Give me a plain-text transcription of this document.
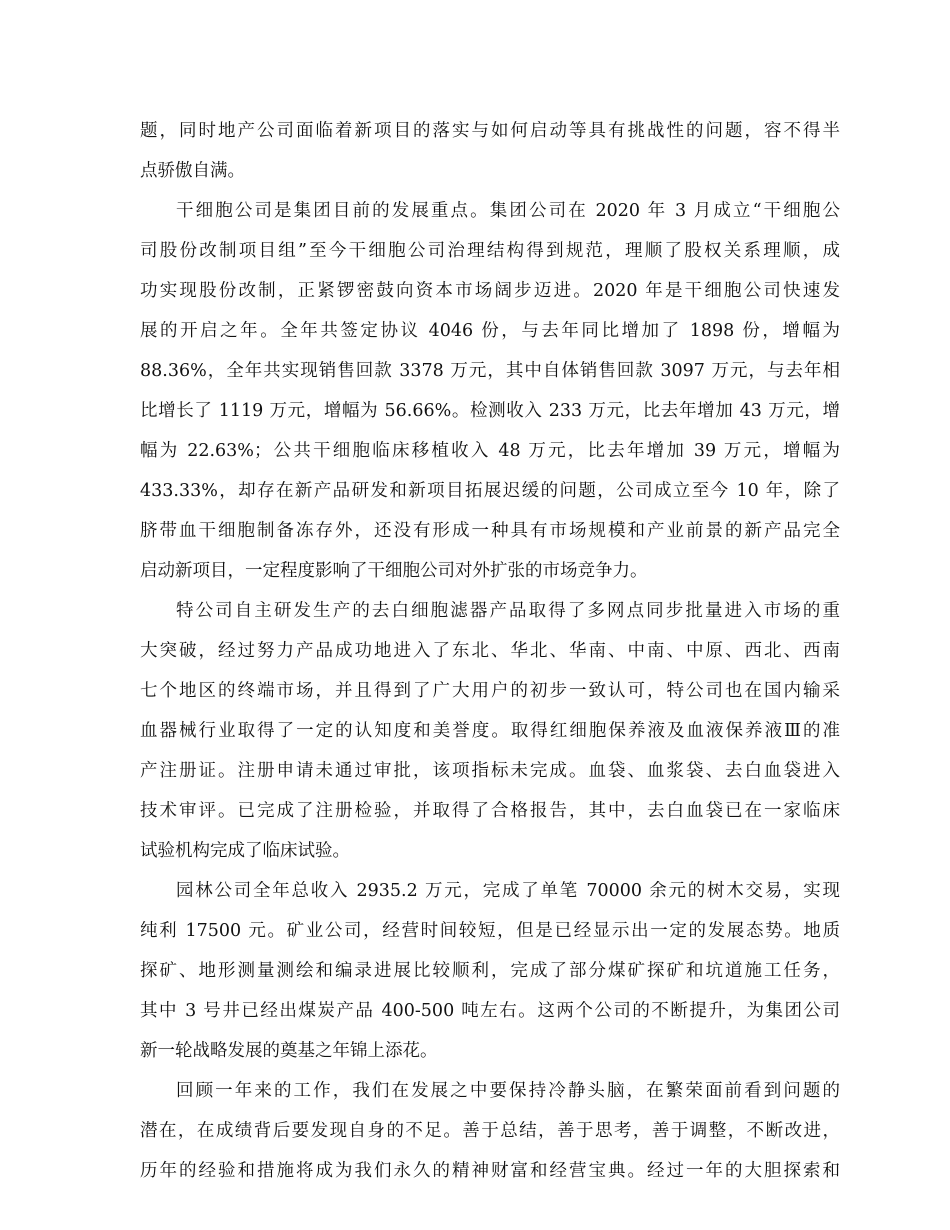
题，同时地产公司面临着新项目的落实与如何启动等具有挑战性的问题，容不得半
点骄傲自满。
干细胞公司是集团目前的发展重点。集团公司在 2020 年 3 月成立“干细胞公
司股份改制项目组”至今干细胞公司治理结构得到规范，理顺了股权关系理顺，成
功实现股份改制，正紧锣密鼓向资本市场阔步迈进。2020 年是干细胞公司快速发
展的开启之年。全年共签定协议 4046 份，与去年同比增加了 1898 份，增幅为
88.36%，全年共实现销售回款 3378 万元，其中自体销售回款 3097 万元，与去年相
比增长了 1119 万元，增幅为 56.66%。检测收入 233 万元，比去年增加 43 万元，增
幅为 22.63%；公共干细胞临床移植收入 48 万元，比去年增加 39 万元，增幅为
433.33%，却存在新产品研发和新项目拓展迟缓的问题，公司成立至今 10 年，除了
脐带血干细胞制备冻存外，还没有形成一种具有市场规模和产业前景的新产品完全
启动新项目，一定程度影响了干细胞公司对外扩张的市场竞争力。
特公司自主研发生产的去白细胞滤器产品取得了多网点同步批量进入市场的重
大突破，经过努力产品成功地进入了东北、华北、华南、中南、中原、西北、西南
七个地区的终端市场，并且得到了广大用户的初步一致认可，特公司也在国内输采
血器械行业取得了一定的认知度和美誉度。取得红细胞保养液及血液保养液Ⅲ的准
产注册证。注册申请未通过审批，该项指标未完成。血袋、血浆袋、去白血袋进入
技术审评。已完成了注册检验，并取得了合格报告，其中，去白血袋已在一家临床
试验机构完成了临床试验。
园林公司全年总收入 2935.2 万元，完成了单笔 70000 余元的树木交易，实现
纯利 17500 元。矿业公司，经营时间较短，但是已经显示出一定的发展态势。地质
探矿、地形测量测绘和编录进展比较顺利，完成了部分煤矿探矿和坑道施工任务，
其中 3 号井已经出煤炭产品 400-500 吨左右。这两个公司的不断提升，为集团公司
新一轮战略发展的奠基之年锦上添花。
回顾一年来的工作，我们在发展之中要保持冷静头脑，在繁荣面前看到问题的
潜在，在成绩背后要发现自身的不足。善于总结，善于思考，善于调整，不断改进，
历年的经验和措施将成为我们永久的精神财富和经营宝典。经过一年的大胆探索和
